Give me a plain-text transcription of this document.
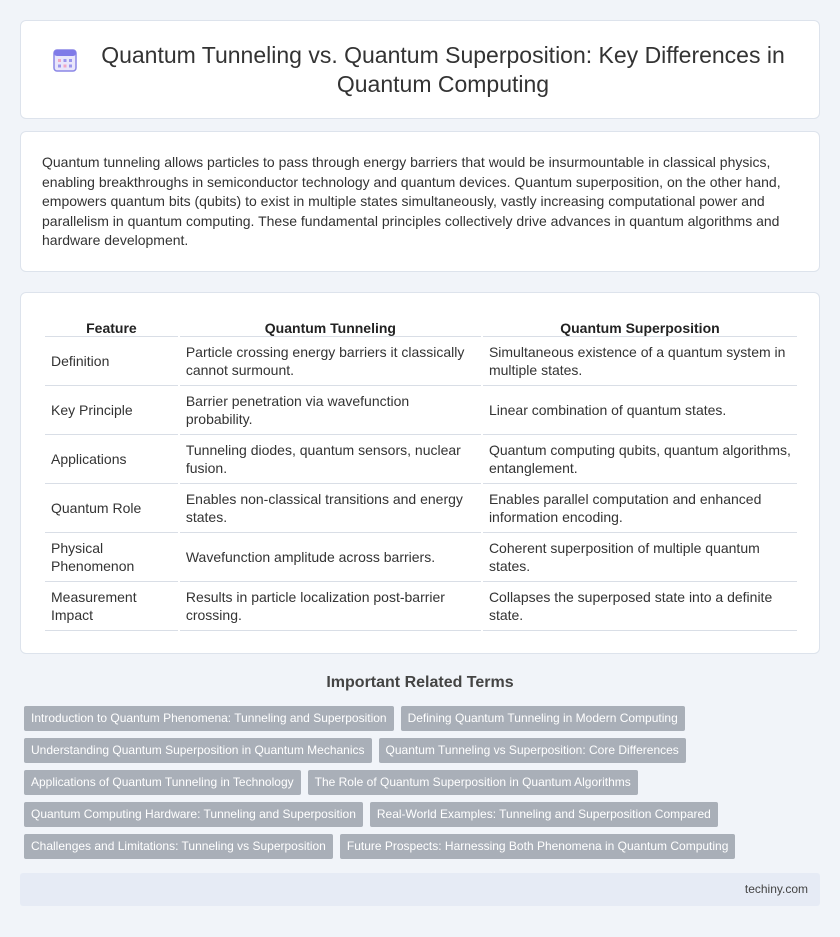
Quantum Tunneling vs. Quantum Superposition: Key Differences in Quantum Computing

Quantum tunneling allows particles to pass through energy barriers that would be insurmountable in classical physics, enabling breakthroughs in semiconductor technology and quantum devices. Quantum superposition, on the other hand, empowers quantum bits (qubits) to exist in multiple states simultaneously, vastly increasing computational power and parallelism in quantum computing. These fundamental principles collectively drive advances in quantum algorithms and hardware development.

Feature	Quantum Tunneling	Quantum Superposition
Definition	Particle crossing energy barriers it classically cannot surmount.	Simultaneous existence of a quantum system in multiple states.
Key Principle	Barrier penetration via wavefunction probability.	Linear combination of quantum states.
Applications	Tunneling diodes, quantum sensors, nuclear fusion.	Quantum computing qubits, quantum algorithms, entanglement.
Quantum Role	Enables non-classical transitions and energy states.	Enables parallel computation and enhanced information encoding.
Physical Phenomenon	Wavefunction amplitude across barriers.	Coherent superposition of multiple quantum states.
Measurement Impact	Results in particle localization post-barrier crossing.	Collapses the superposed state into a definite state.
Important Related Terms
Introduction to Quantum Phenomena: Tunneling and Superposition	Defining Quantum Tunneling in Modern Computing
Understanding Quantum Superposition in Quantum Mechanics	Quantum Tunneling vs Superposition: Core Differences
Applications of Quantum Tunneling in Technology	The Role of Quantum Superposition in Quantum Algorithms
Quantum Computing Hardware: Tunneling and Superposition	Real-World Examples: Tunneling and Superposition Compared
Challenges and Limitations: Tunneling vs Superposition	Future Prospects: Harnessing Both Phenomena in Quantum Computing
techiny.com
